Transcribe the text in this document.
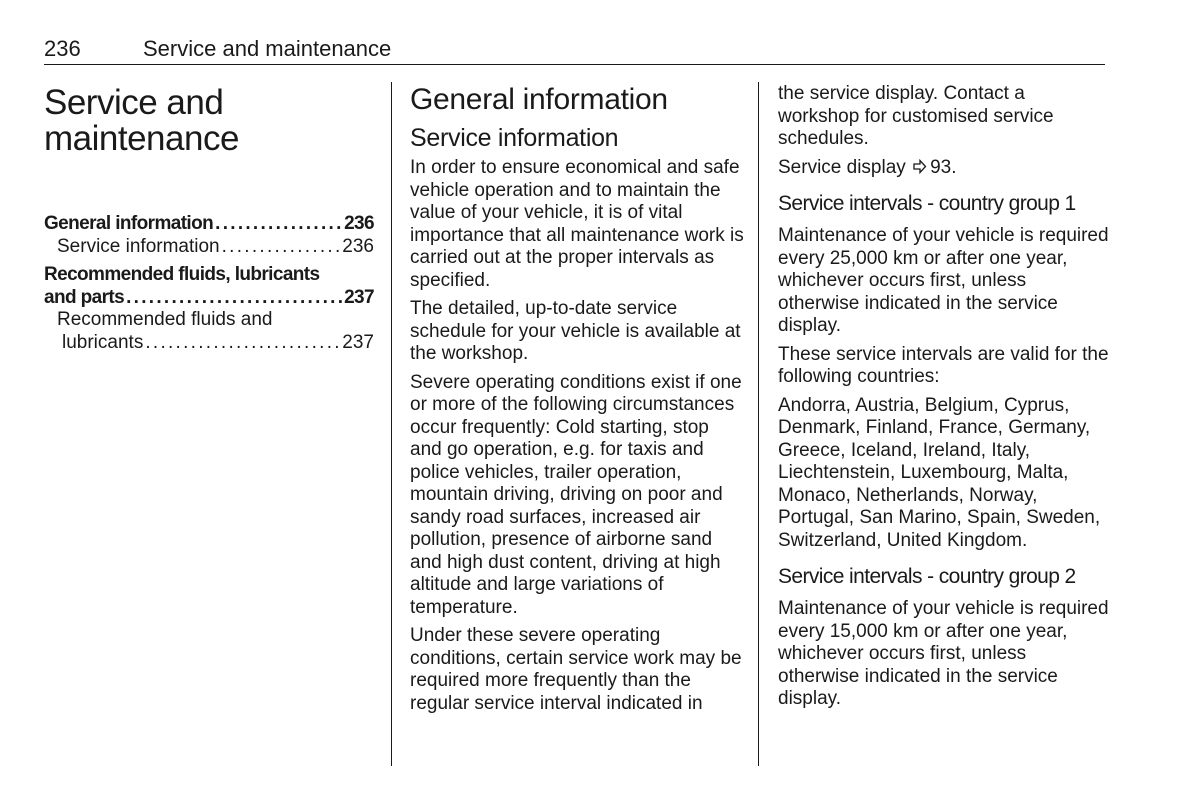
236	Service and maintenance
Service and
maintenance
General information . . .	236
Service information . . .	236
Recommended fluids, lubricants
and parts . . .	237
Recommended fluids and
lubricants . . .	237
General information
Service information

In order to ensure economical and safe vehicle operation and to maintain the value of your vehicle, it is of vital importance that all maintenance work is carried out at the proper intervals as specified.

The detailed, up-to-date service schedule for your vehicle is available at the workshop.

Severe operating conditions exist if one or more of the following circumstances occur frequently: Cold starting, stop and go operation, e.g. for taxis and police vehicles, trailer operation, mountain driving, driving on poor and sandy road surfaces, increased air pollution, presence of airborne sand and high dust content, driving at high altitude and large variations of temperature.

Under these severe operating conditions, certain service work may be required more frequently than the regular service interval indicated in

the service display. Contact a workshop for customised service schedules.

Service display 93.

Service intervals - country group 1

Maintenance of your vehicle is required every 25,000 km or after one year, whichever occurs first, unless otherwise indicated in the service display.

These service intervals are valid for the following countries:

Andorra, Austria, Belgium, Cyprus, Denmark, Finland, France, Germany, Greece, Iceland, Ireland, Italy, Liechtenstein, Luxembourg, Malta, Monaco, Netherlands, Norway, Portugal, San Marino, Spain, Sweden, Switzerland, United Kingdom.

Service intervals - country group 2

Maintenance of your vehicle is required every 15,000 km or after one year, whichever occurs first, unless otherwise indicated in the service display.
